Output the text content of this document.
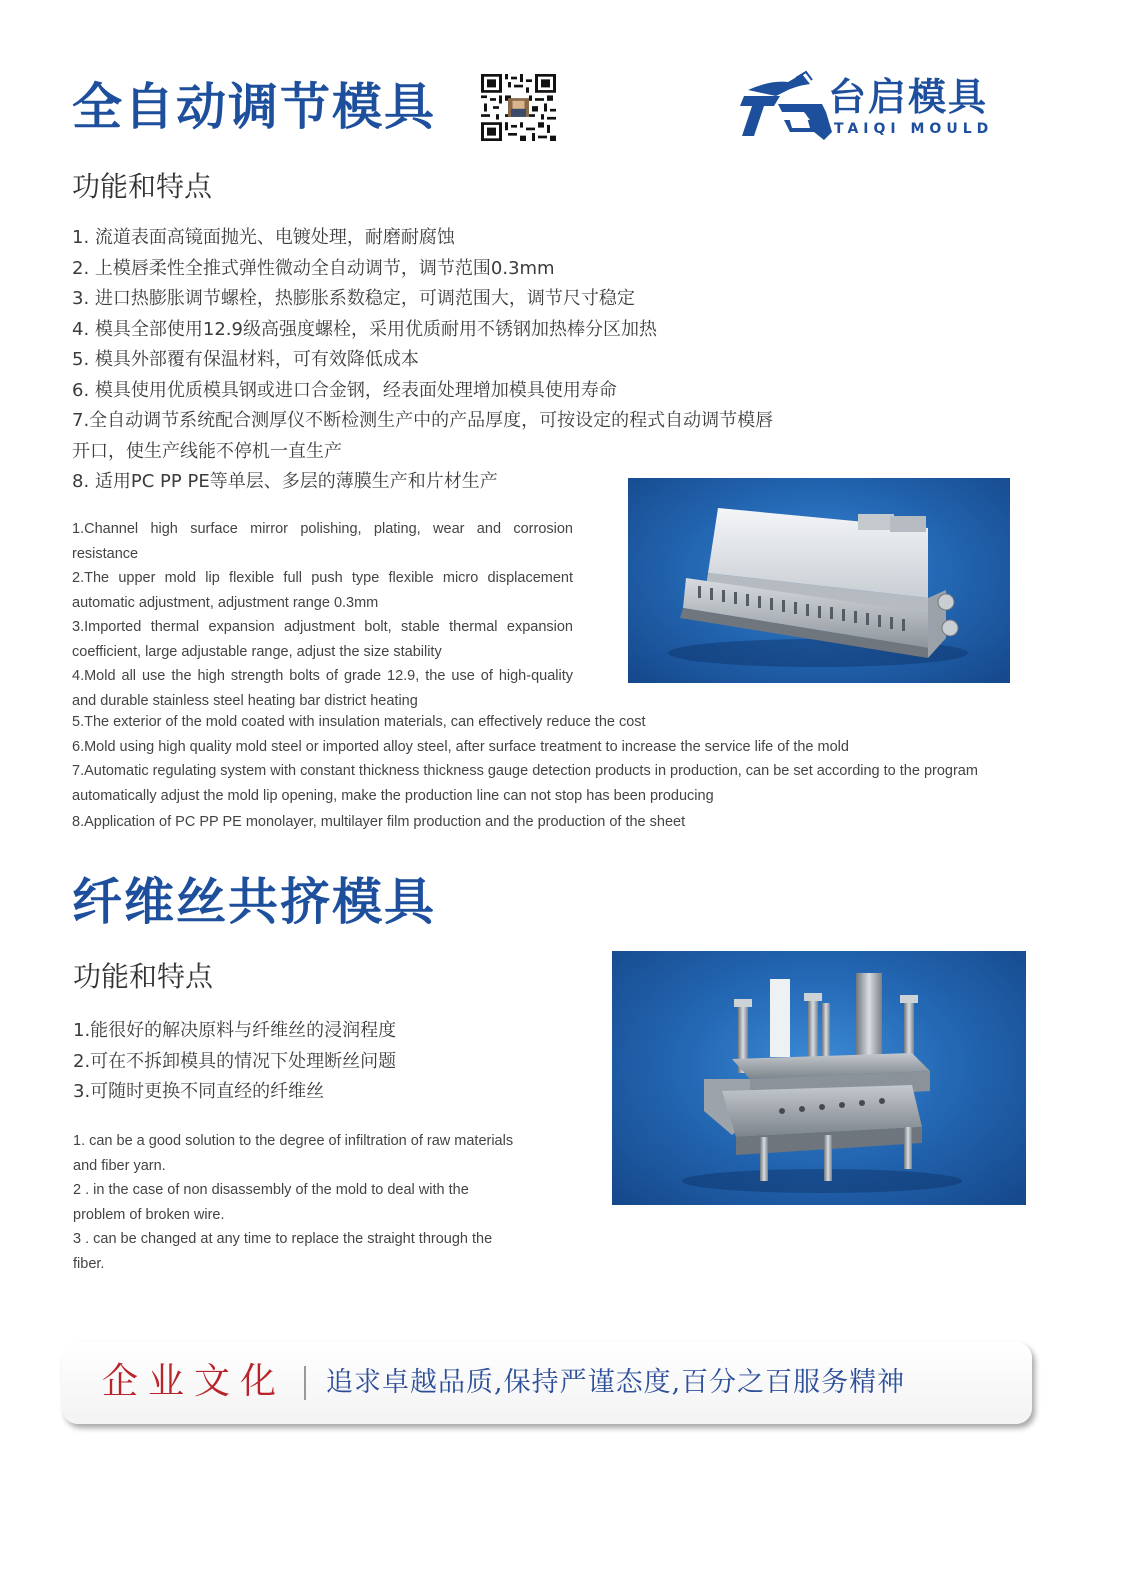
全自动调节模具	台启模具
TAIQI MOULD
功能和特点
1. 流道表面高镜面抛光、电镀处理，耐磨耐腐蚀
2. 上模唇柔性全推式弹性微动全自动调节，调节范围0.3mm
3. 进口热膨胀调节螺栓，热膨胀系数稳定，可调范围大，调节尺寸稳定
4. 模具全部使用12.9级高强度螺栓，采用优质耐用不锈钢加热棒分区加热
5. 模具外部覆有保温材料，可有效降低成本
6. 模具使用优质模具钢或进口合金钢，经表面处理增加模具使用寿命
7.全自动调节系统配合测厚仪不断检测生产中的产品厚度，可按设定的程式自动调节模唇
开口，使生产线能不停机一直生产
8. 适用PC PP PE等单层、多层的薄膜生产和片材生产
1.Channel high surface mirror polishing, plating, wear and corrosion resistance
2.The upper mold lip flexible full push type flexible micro displacement automatic adjustment, adjustment range 0.3mm
3.Imported thermal expansion adjustment bolt, stable thermal expansion coefficient, large adjustable range, adjust the size stability
4.Mold all use the high strength bolts of grade 12.9, the use of high-quality and durable stainless steel heating bar district heating
5.The exterior of the mold coated with insulation materials, can effectively reduce the cost
6.Mold using high quality mold steel or imported alloy steel, after surface treatment to increase the service life of the mold
7.Automatic regulating system with constant thickness thickness gauge detection products in production, can be set according to the program automatically adjust the mold lip opening, make the production line can not stop has been producing
8.Application of PC PP PE monolayer, multilayer film production and the production of the sheet
纤维丝共挤模具
功能和特点
1.能很好的解决原料与纤维丝的浸润程度
2.可在不拆卸模具的情况下处理断丝问题
3.可随时更换不同直经的纤维丝
1. can be a good solution to the degree of infiltration of raw materials and fiber yarn.
2 . in the case of non disassembly of the mold to deal with the problem of broken wire.
3 . can be changed at any time to replace the straight through the fiber.
企业文化 追求卓越品质,保持严谨态度,百分之百服务精神
